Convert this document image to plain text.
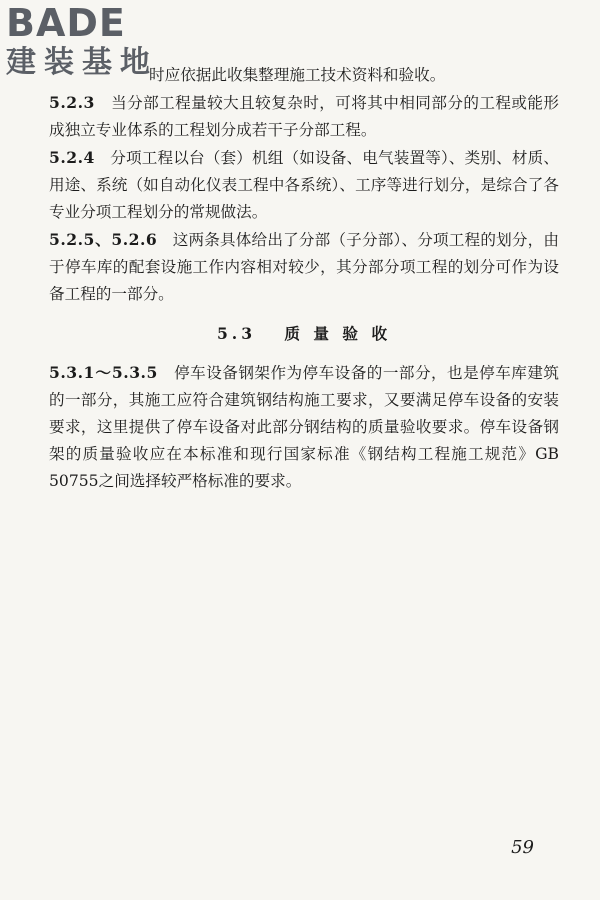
BADE
建装基地

时应依据此收集整理施工技术资料和验收。

5.2.3 当分部工程量较大且较复杂时，可将其中相同部分的工程或能形成独立专业体系的工程划分成若干子分部工程。

5.2.4 分项工程以台（套）机组（如设备、电气装置等）、类别、材质、用途、系统（如自动化仪表工程中各系统）、工序等进行划分，是综合了各专业分项工程划分的常规做法。

5.2.5、5.2.6 这两条具体给出了分部（子分部）、分项工程的划分，由于停车库的配套设施工作内容相对较少，其分部分项工程的划分可作为设备工程的一部分。

5.3 质 量 验 收

5.3.1～5.3.5 停车设备钢架作为停车设备的一部分，也是停车库建筑的一部分，其施工应符合建筑钢结构施工要求，又要满足停车设备的安装要求，这里提供了停车设备对此部分钢结构的质量验收要求。停车设备钢架的质量验收应在本标准和现行国家标准《钢结构工程施工规范》GB 50755之间选择较严格标准的要求。

59
